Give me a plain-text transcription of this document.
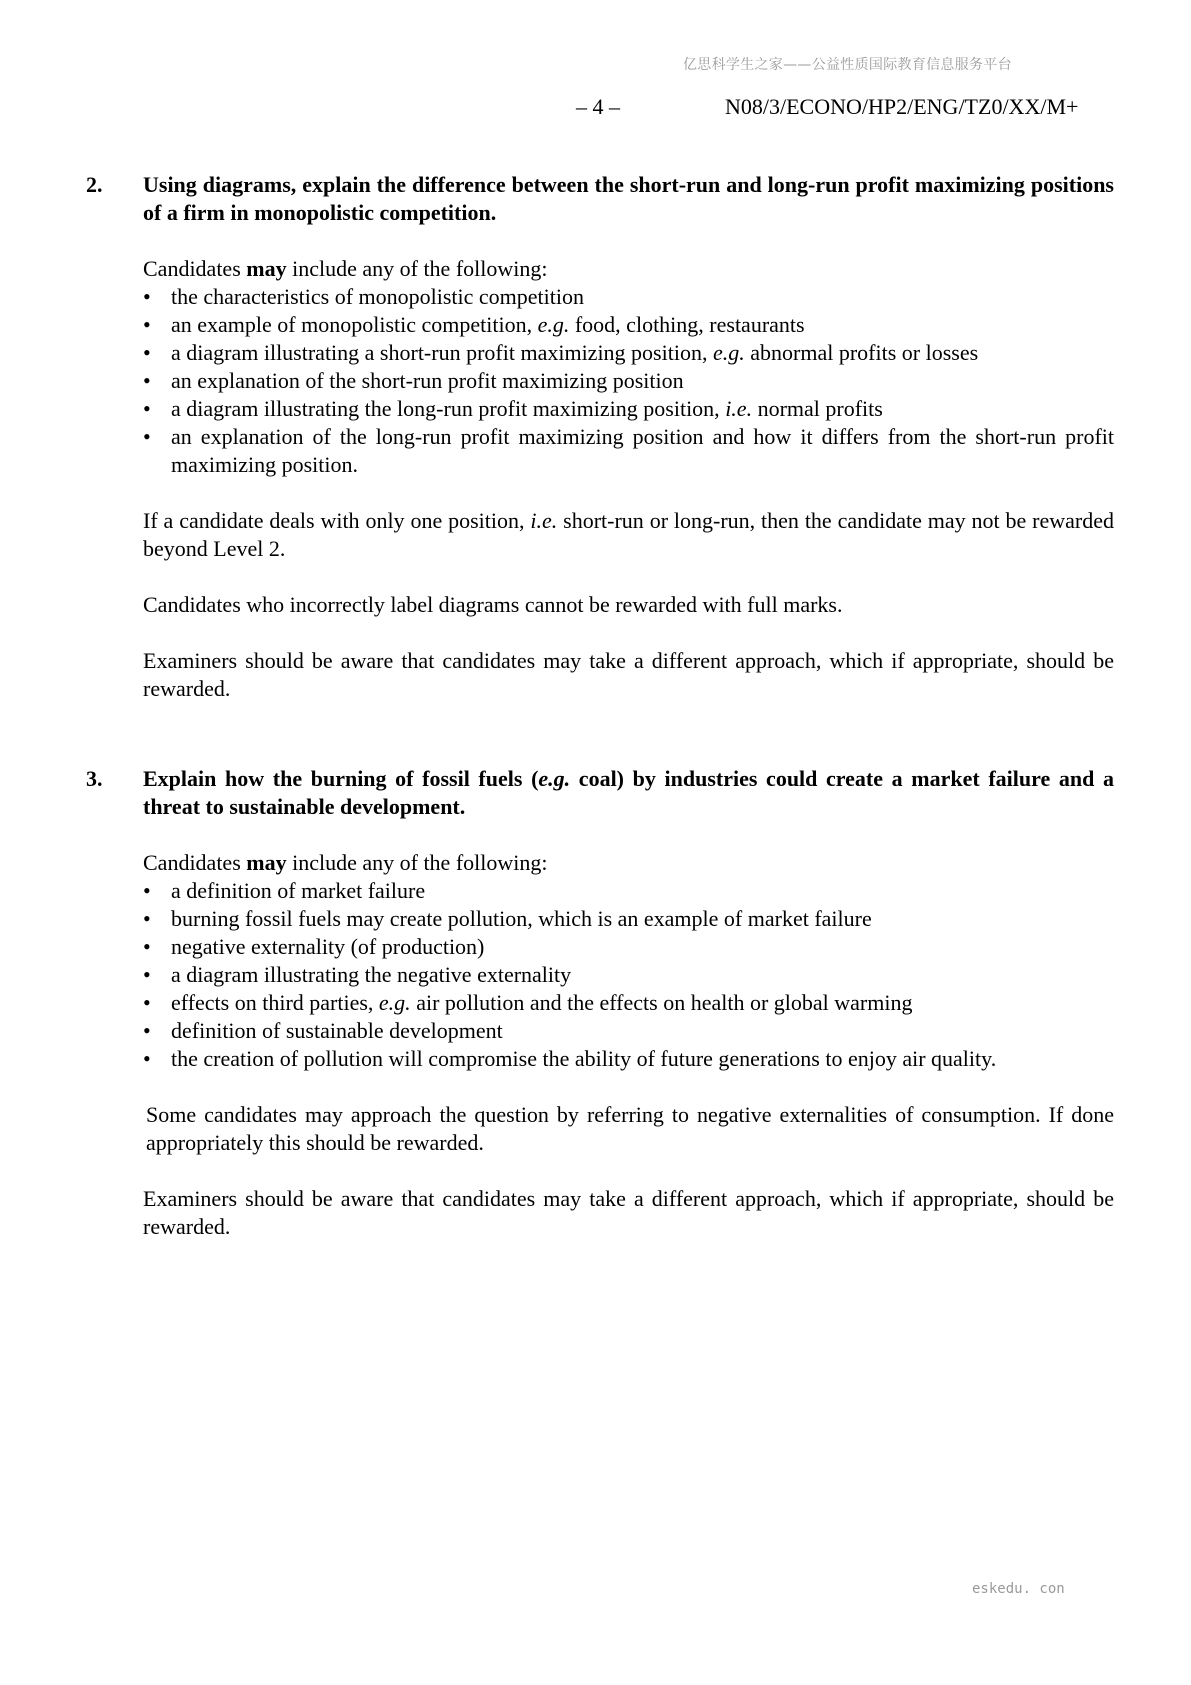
亿思科学生之家——公益性质国际教育信息服务平台
– 4 –	N08/3/ECONO/HP2/ENG/TZ0/XX/M+
2.	Using diagrams, explain the difference between the short-run and long-run profit maximizing positions of a firm in monopolistic competition.
Candidates may include any of the following:
• the characteristics of monopolistic competition
• an example of monopolistic competition, e.g. food, clothing, restaurants
• a diagram illustrating a short-run profit maximizing position, e.g. abnormal profits or losses
• an explanation of the short-run profit maximizing position
• a diagram illustrating the long-run profit maximizing position, i.e. normal profits
• an explanation of the long-run profit maximizing position and how it differs from the short-run profit maximizing position.
If a candidate deals with only one position, i.e. short-run or long-run, then the candidate may not be rewarded beyond Level 2.
Candidates who incorrectly label diagrams cannot be rewarded with full marks.
Examiners should be aware that candidates may take a different approach, which if appropriate, should be rewarded.
3.	Explain how the burning of fossil fuels (e.g. coal) by industries could create a market failure and a threat to sustainable development.
Candidates may include any of the following:
• a definition of market failure
• burning fossil fuels may create pollution, which is an example of market failure
• negative externality (of production)
• a diagram illustrating the negative externality
• effects on third parties, e.g. air pollution and the effects on health or global warming
• definition of sustainable development
• the creation of pollution will compromise the ability of future generations to enjoy air quality.
Some candidates may approach the question by referring to negative externalities of consumption. If done appropriately this should be rewarded.
Examiners should be aware that candidates may take a different approach, which if appropriate, should be rewarded.
eskedu. con
